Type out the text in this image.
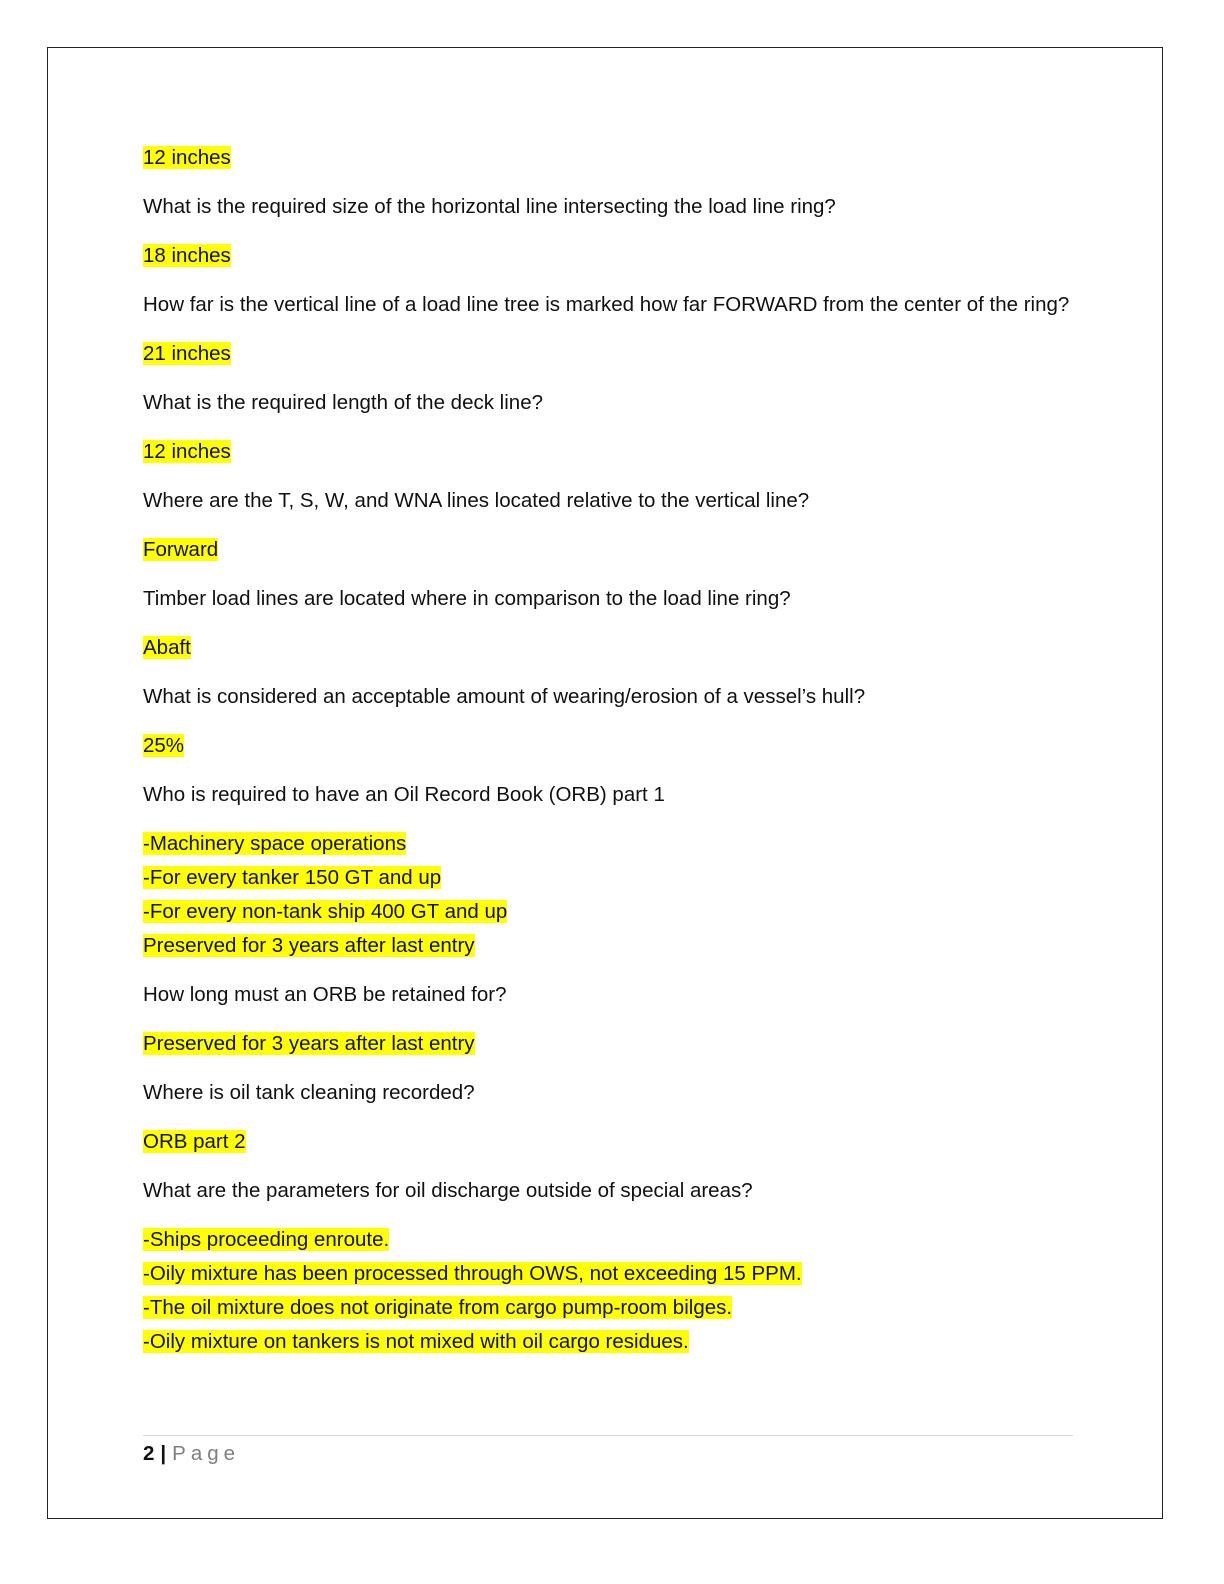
12 inches
What is the required size of the horizontal line intersecting the load line ring?
18 inches
How far is the vertical line of a load line tree is marked how far FORWARD from the center of the ring?
21 inches
What is the required length of the deck line?
12 inches
Where are the T, S, W, and WNA lines located relative to the vertical line?
Forward
Timber load lines are located where in comparison to the load line ring?
Abaft
What is considered an acceptable amount of wearing/erosion of a vessel’s hull?
25%
Who is required to have an Oil Record Book (ORB) part 1
-Machinery space operations
-For every tanker 150 GT and up
-For every non-tank ship 400 GT and up
Preserved for 3 years after last entry
How long must an ORB be retained for?
Preserved for 3 years after last entry
Where is oil tank cleaning recorded?
ORB part 2
What are the parameters for oil discharge outside of special areas?
-Ships proceeding enroute.
-Oily mixture has been processed through OWS, not exceeding 15 PPM.
-The oil mixture does not originate from cargo pump-room bilges.
-Oily mixture on tankers is not mixed with oil cargo residues.
2 | Page
